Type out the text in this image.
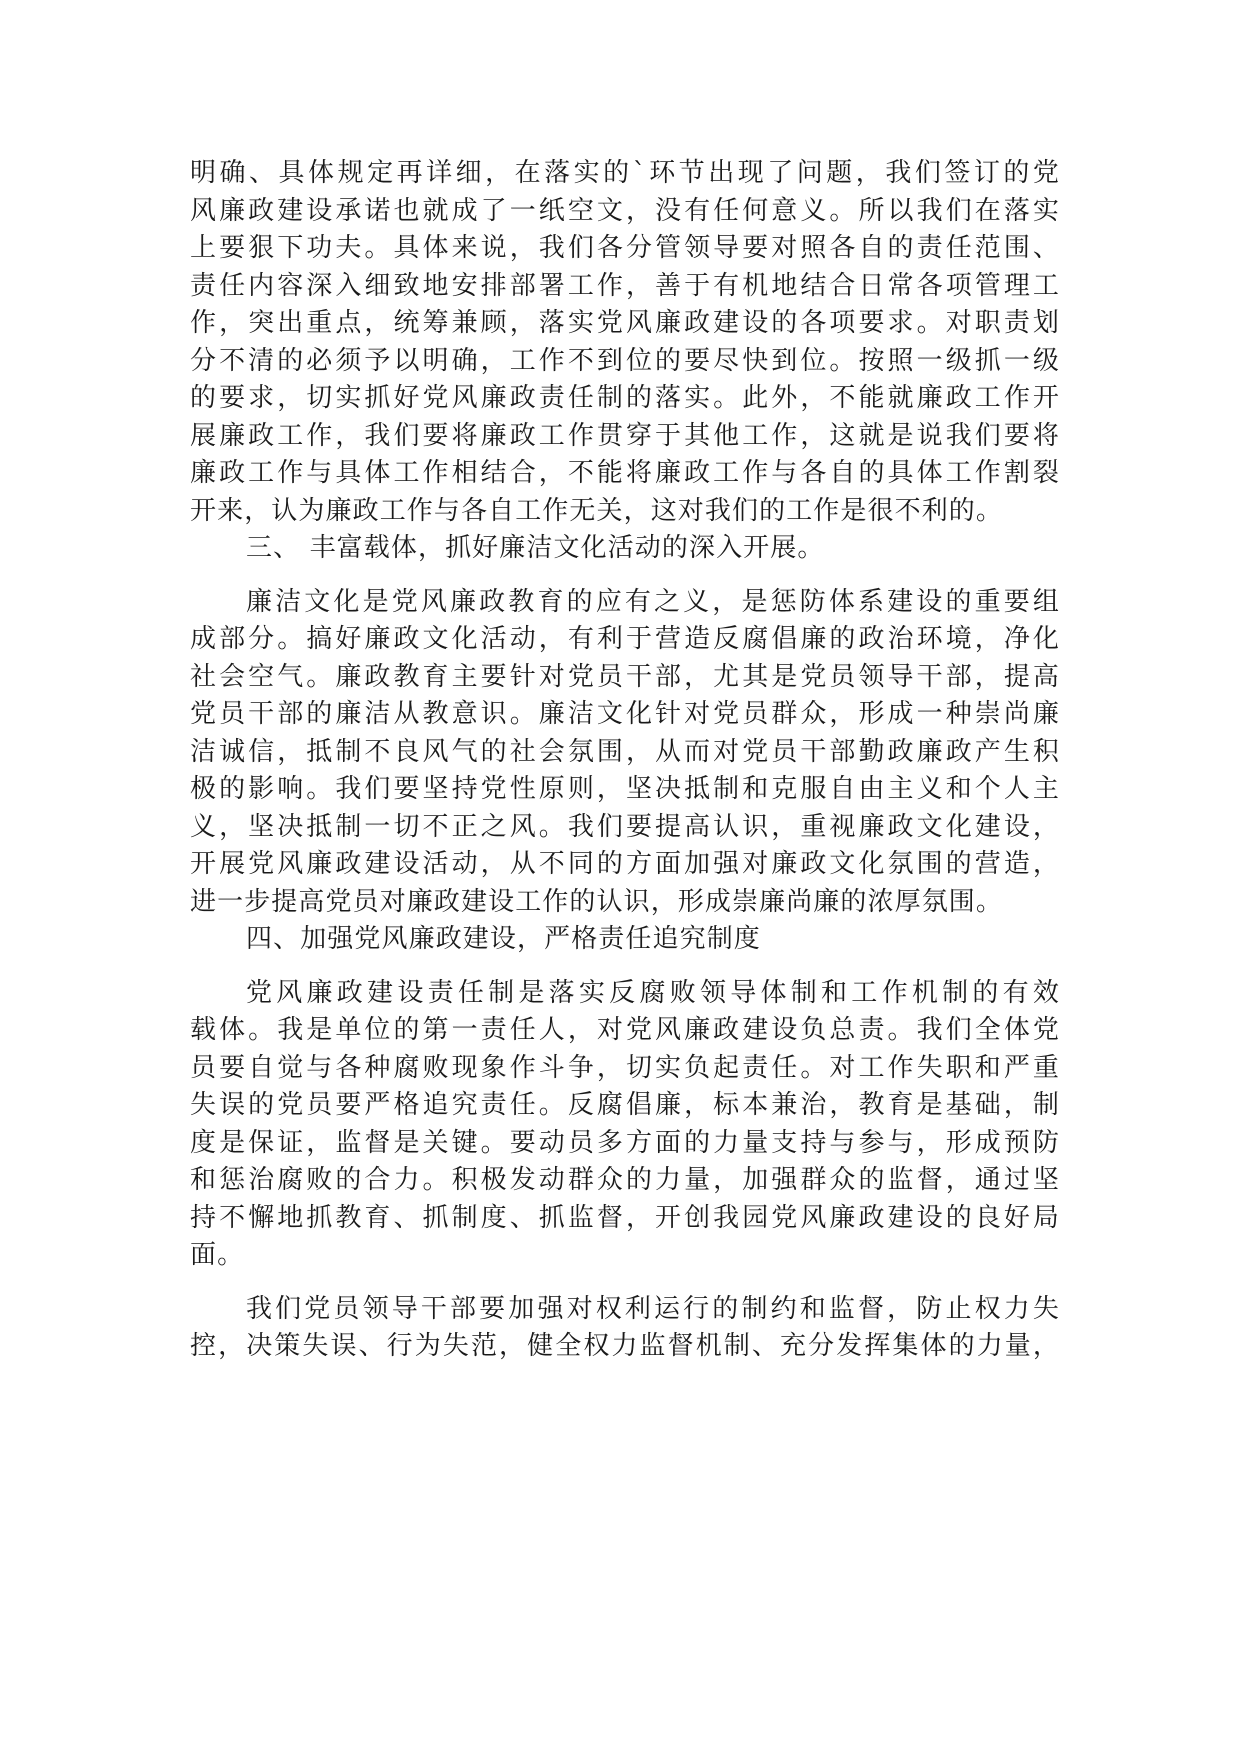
明确、具体规定再详细，在落实的`环节出现了问题，我们签订的党
风廉政建设承诺也就成了一纸空文，没有任何意义。所以我们在落实
上要狠下功夫。具体来说，我们各分管领导要对照各自的责任范围、
责任内容深入细致地安排部署工作，善于有机地结合日常各项管理工
作，突出重点，统筹兼顾，落实党风廉政建设的各项要求。对职责划
分不清的必须予以明确，工作不到位的要尽快到位。按照一级抓一级
的要求，切实抓好党风廉政责任制的落实。此外，不能就廉政工作开
展廉政工作，我们要将廉政工作贯穿于其他工作，这就是说我们要将
廉政工作与具体工作相结合，不能将廉政工作与各自的具体工作割裂
开来，认为廉政工作与各自工作无关，这对我们的工作是很不利的。
三、 丰富载体，抓好廉洁文化活动的深入开展。
廉洁文化是党风廉政教育的应有之义，是惩防体系建设的重要组
成部分。搞好廉政文化活动，有利于营造反腐倡廉的政治环境，净化
社会空气。廉政教育主要针对党员干部，尤其是党员领导干部，提高
党员干部的廉洁从教意识。廉洁文化针对党员群众，形成一种崇尚廉
洁诚信，抵制不良风气的社会氛围，从而对党员干部勤政廉政产生积
极的影响。我们要坚持党性原则，坚决抵制和克服自由主义和个人主
义，坚决抵制一切不正之风。我们要提高认识，重视廉政文化建设，
开展党风廉政建设活动，从不同的方面加强对廉政文化氛围的营造，
进一步提高党员对廉政建设工作的认识，形成崇廉尚廉的浓厚氛围。
四、加强党风廉政建设，严格责任追究制度
党风廉政建设责任制是落实反腐败领导体制和工作机制的有效
载体。我是单位的第一责任人，对党风廉政建设负总责。我们全体党
员要自觉与各种腐败现象作斗争，切实负起责任。对工作失职和严重
失误的党员要严格追究责任。反腐倡廉，标本兼治，教育是基础，制
度是保证，监督是关键。要动员多方面的力量支持与参与，形成预防
和惩治腐败的合力。积极发动群众的力量，加强群众的监督，通过坚
持不懈地抓教育、抓制度、抓监督，开创我园党风廉政建设的良好局
面。
我们党员领导干部要加强对权利运行的制约和监督，防止权力失
控，决策失误、行为失范，健全权力监督机制、充分发挥集体的力量，
